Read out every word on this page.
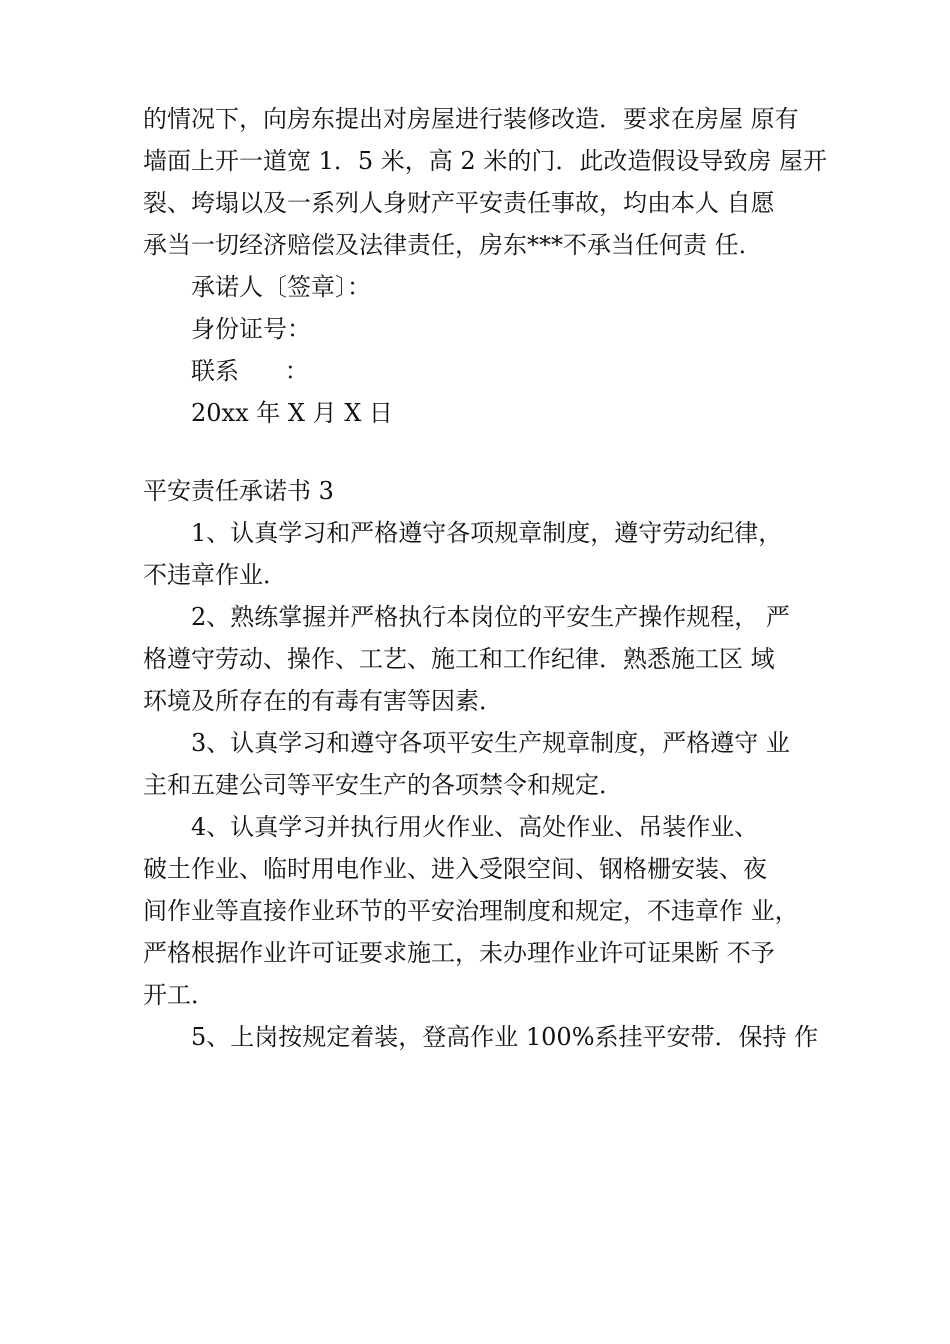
的情况下，向房东提出对房屋进行装修改造．要求在房屋 原有
墙面上开一道宽 1．5 米，高 2 米的门．此改造假设导致房 屋开
裂、垮塌以及一系列人身财产平安责任事故，均由本人 自愿
承当一切经济赔偿及法律责任，房东***不承当任何责 任．
承诺人〔签章〕：
身份证号：
联系      ：
20xx 年 X 月 X 日
平安责任承诺书 3
1、认真学习和严格遵守各项规章制度，遵守劳动纪律，
不违章作业．
2、熟练掌握并严格执行本岗位的平安生产操作规程， 严
格遵守劳动、操作、工艺、施工和工作纪律．熟悉施工区 域
环境及所存在的有毒有害等因素．
3、认真学习和遵守各项平安生产规章制度，严格遵守 业
主和五建公司等平安生产的各项禁令和规定．
4、认真学习并执行用火作业、高处作业、吊装作业、
破土作业、临时用电作业、进入受限空间、钢格栅安装、夜
间作业等直接作业环节的平安治理制度和规定，不违章作 业，
严格根据作业许可证要求施工，未办理作业许可证果断 不予
开工．
5、上岗按规定着装，登高作业 100%系挂平安带．保持 作
